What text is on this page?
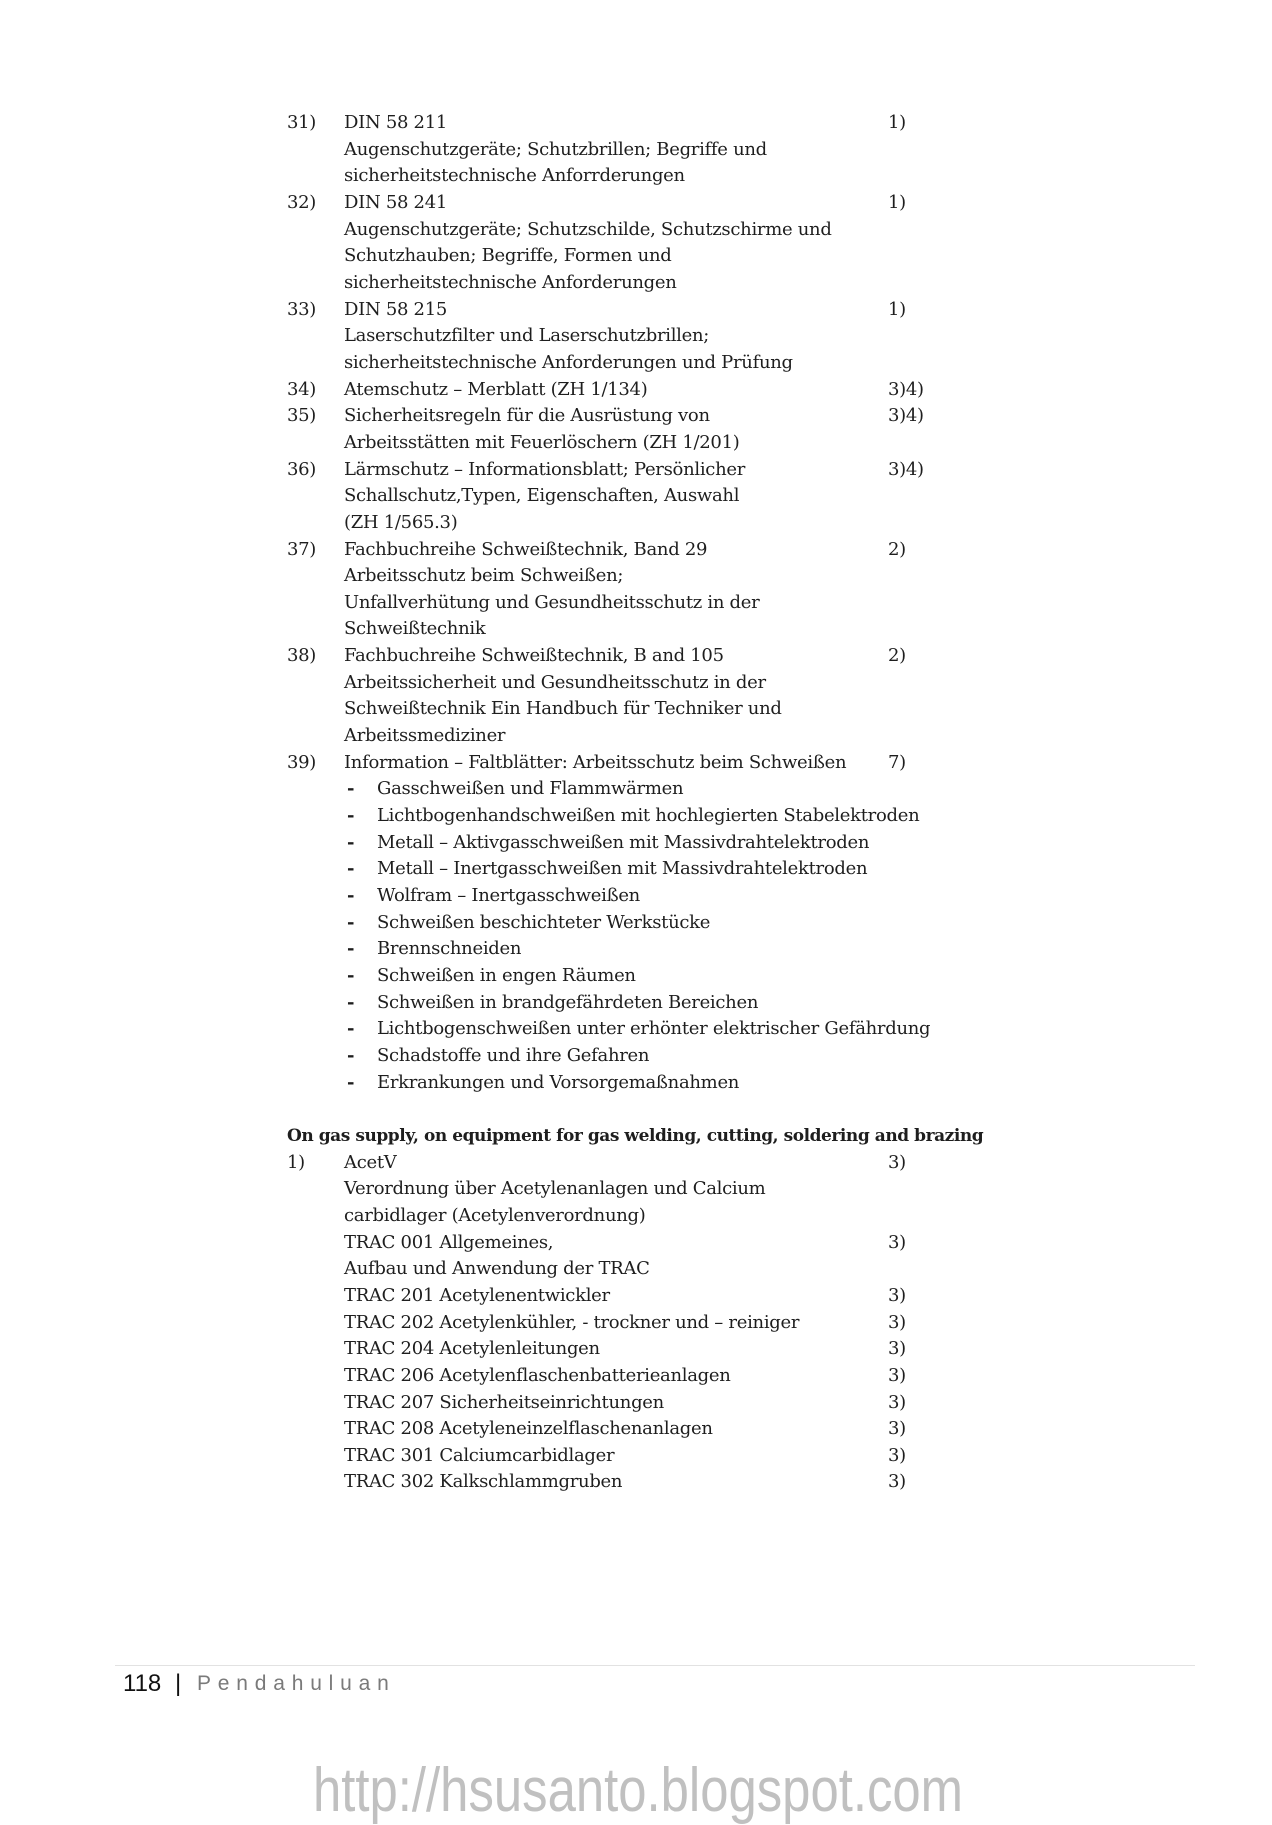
31) DIN 58 211	1)
Augenschutzgeräte; Schutzbrillen; Begriffe und
sicherheitstechnische Anforrderungen
32) DIN 58 241	1)
Augenschutzgeräte; Schutzschilde, Schutzschirme und
Schutzhauben; Begriffe, Formen und
sicherheitstechnische Anforderungen
33) DIN 58 215	1)
Laserschutzfilter und Laserschutzbrillen;
sicherheitstechnische Anforderungen und Prüfung
34) Atemschutz – Merblatt (ZH 1/134)	3)4)
35) Sicherheitsregeln für die Ausrüstung von	3)4)
Arbeitsstätten mit Feuerlöschern (ZH 1/201)
36) Lärmschutz – Informationsblatt; Persönlicher	3)4)
Schallschutz,Typen, Eigenschaften, Auswahl
(ZH 1/565.3)
37) Fachbuchreihe Schweißtechnik, Band 29	2)
Arbeitsschutz beim Schweißen;
Unfallverhütung und Gesundheitsschutz in der
Schweißtechnik
38) Fachbuchreihe Schweißtechnik, B and 105	2)
Arbeitssicherheit und Gesundheitsschutz in der
Schweißtechnik Ein Handbuch für Techniker und
Arbeitssmediziner
39) Information – Faltblätter: Arbeitsschutz beim Schweißen 7)
- Gasschweißen und Flammwärmen
- Lichtbogenhandschweißen mit hochlegierten Stabelektroden
- Metall – Aktivgasschweißen mit Massivdrahtelektroden
- Metall – Inertgasschweißen mit Massivdrahtelektroden
- Wolfram – Inertgasschweißen
- Schweißen beschichteter Werkstücke
- Brennschneiden
- Schweißen in engen Räumen
- Schweißen in brandgefährdeten Bereichen
- Lichtbogenschweißen unter erhönter elektrischer Gefährdung
- Schadstoffe und ihre Gefahren
- Erkrankungen und Vorsorgemaßnahmen
On gas supply, on equipment for gas welding, cutting, soldering and brazing
1) AcetV	3)
Verordnung über Acetylenanlagen und Calcium
carbidlager (Acetylenverordnung)
TRAC 001 Allgemeines,	3)
Aufbau und Anwendung der TRAC
TRAC 201 Acetylenentwickler	3)
TRAC 202 Acetylenkühler, - trockner und – reiniger	3)
TRAC 204 Acetylenleitungen	3)
TRAC 206 Acetylenflaschenbatterieanlagen	3)
TRAC 207 Sicherheitseinrichtungen	3)
TRAC 208 Acetyleneinzelflaschenanlagen	3)
TRAC 301 Calciumcarbidlager	3)
TRAC 302 Kalkschlammgruben	3)
118 | Pendahuluan
http://hsusanto.blogspot.com
